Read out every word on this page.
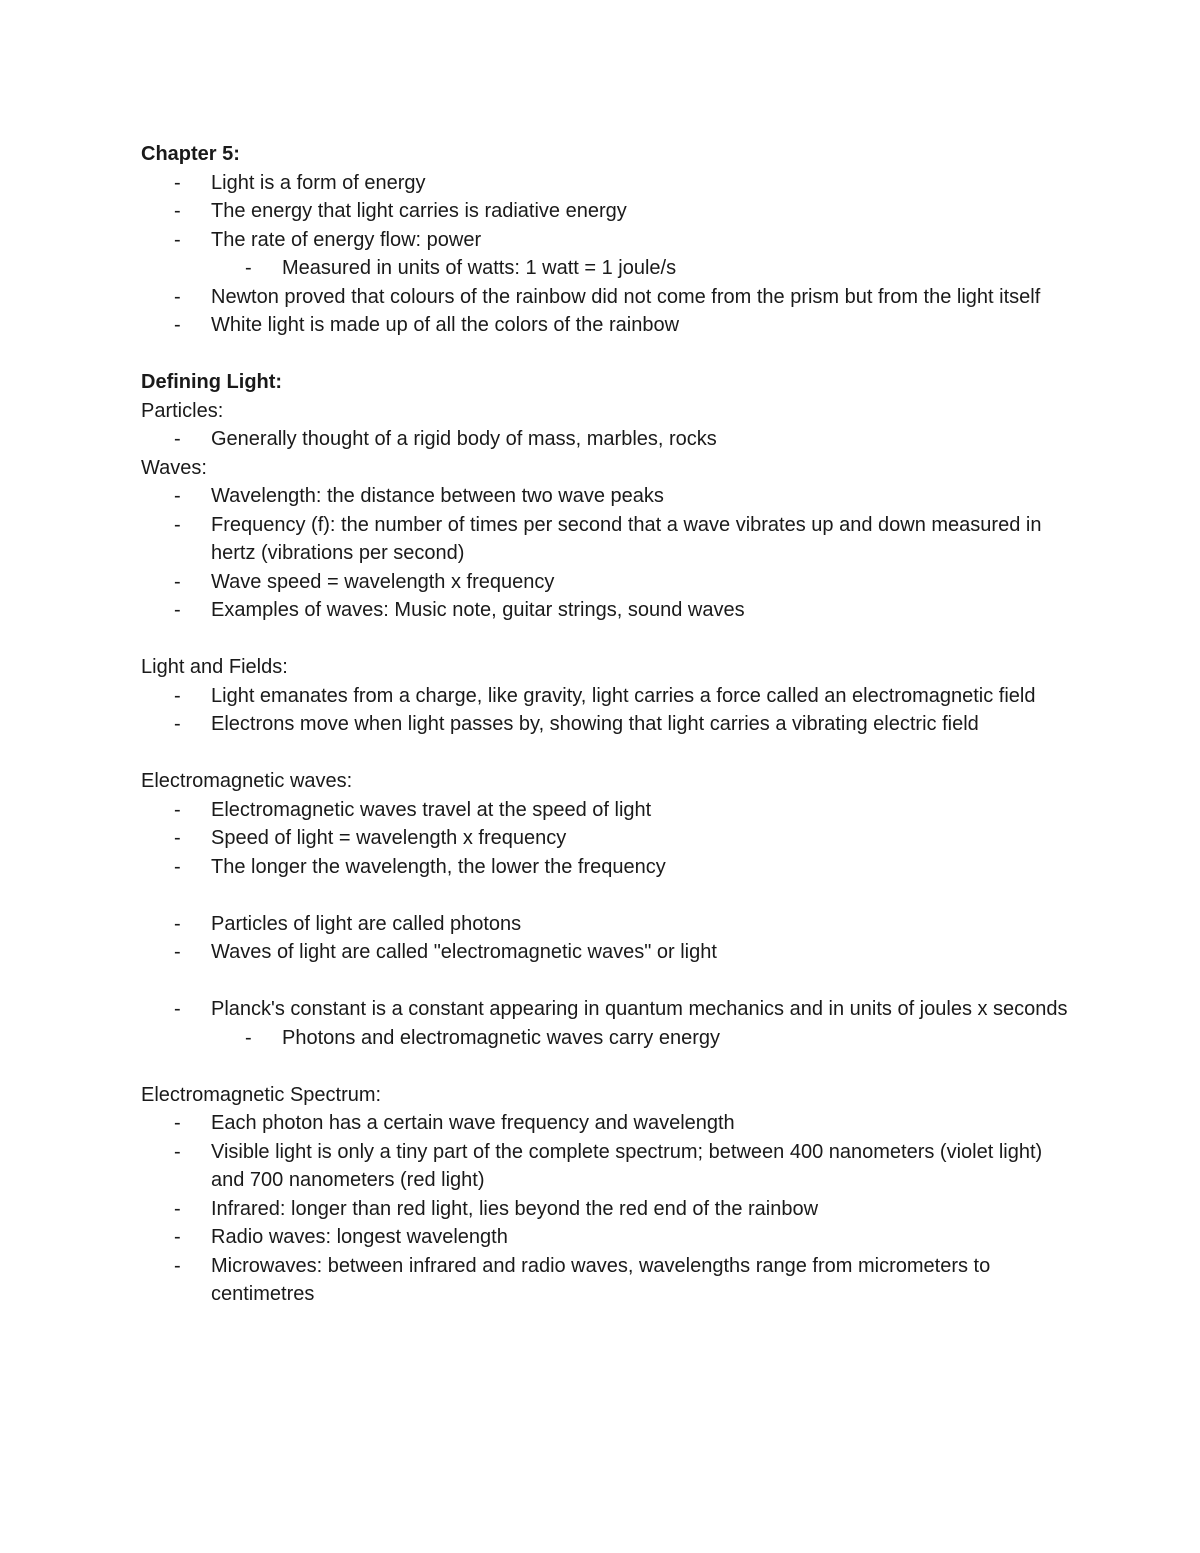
Chapter 5:
- Light is a form of energy
- The energy that light carries is radiative energy
- The rate of energy flow: power
- Measured in units of watts: 1 watt = 1 joule/s
- Newton proved that colours of the rainbow did not come from the prism but from the light itself
- White light is made up of all the colors of the rainbow
Defining Light:
Particles:
- Generally thought of a rigid body of mass, marbles, rocks
Waves:
- Wavelength: the distance between two wave peaks
- Frequency (f): the number of times per second that a wave vibrates up and down measured in hertz (vibrations per second)
- Wave speed = wavelength x frequency
- Examples of waves: Music note, guitar strings, sound waves
Light and Fields:
- Light emanates from a charge, like gravity, light carries a force called an electromagnetic field
- Electrons move when light passes by, showing that light carries a vibrating electric field
Electromagnetic waves:
- Electromagnetic waves travel at the speed of light
- Speed of light = wavelength x frequency
- The longer the wavelength, the lower the frequency
- Particles of light are called photons
- Waves of light are called "electromagnetic waves" or light
- Planck's constant is a constant appearing in quantum mechanics and in units of joules x seconds
- Photons and electromagnetic waves carry energy
Electromagnetic Spectrum:
- Each photon has a certain wave frequency and wavelength
- Visible light is only a tiny part of the complete spectrum; between 400 nanometers (violet light) and 700 nanometers (red light)
- Infrared: longer than red light, lies beyond the red end of the rainbow
- Radio waves: longest wavelength
- Microwaves: between infrared and radio waves, wavelengths range from micrometers to centimetres
